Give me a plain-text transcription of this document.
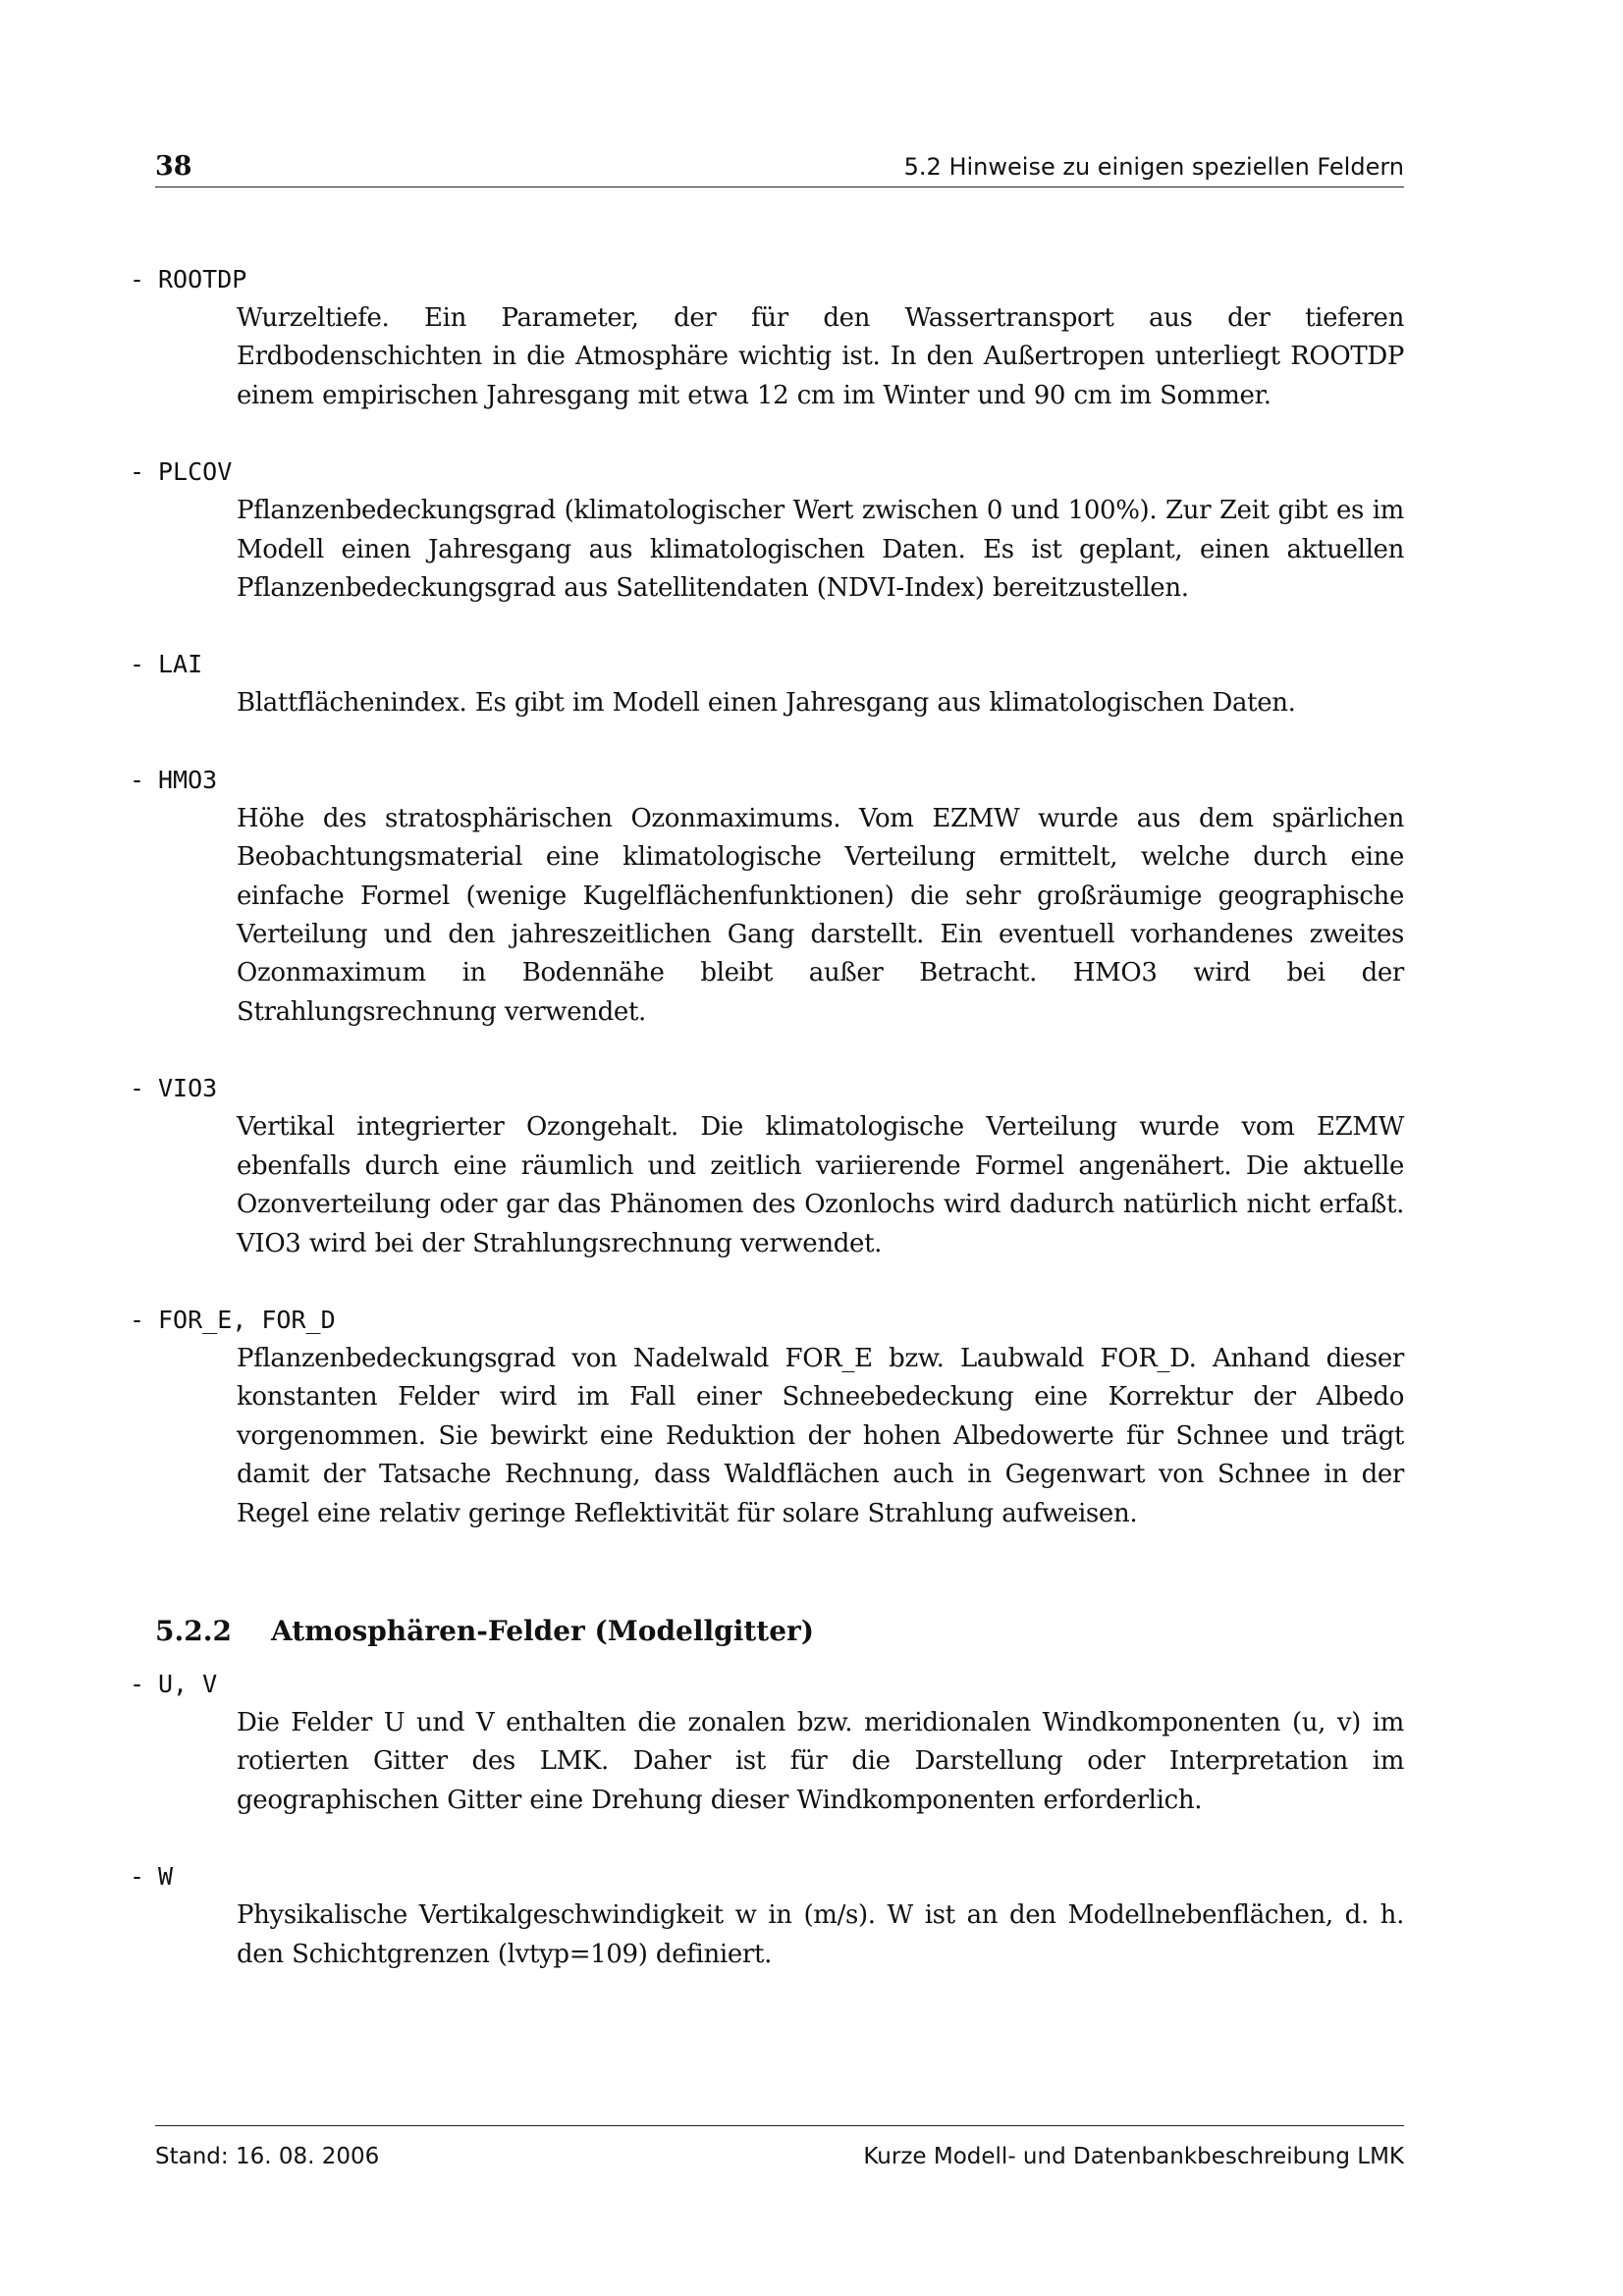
38	5.2 Hinweise zu einigen speziellen Feldern
- ROOTDP

Wurzeltiefe. Ein Parameter, der für den Wassertransport aus der tieferen Erdbodenschichten in die Atmosphäre wichtig ist. In den Außertropen unterliegt ROOTDP einem empirischen Jahresgang mit etwa 12 cm im Winter und 90 cm im Sommer.

- PLCOV

Pflanzenbedeckungsgrad (klimatologischer Wert zwischen 0 und 100%). Zur Zeit gibt es im Modell einen Jahresgang aus klimatologischen Daten. Es ist geplant, einen aktuellen Pflanzenbedeckungsgrad aus Satellitendaten (NDVI-Index) bereitzustellen.

- LAI

Blattflächenindex. Es gibt im Modell einen Jahresgang aus klimatologischen Daten.

- HMO3

Höhe des stratosphärischen Ozonmaximums. Vom EZMW wurde aus dem spärlichen Beobachtungsmaterial eine klimatologische Verteilung ermittelt, welche durch eine einfache Formel (wenige Kugelflächenfunktionen) die sehr großräumige geographische Verteilung und den jahreszeitlichen Gang darstellt. Ein eventuell vorhandenes zweites Ozonmaximum in Bodennähe bleibt außer Betracht. HMO3 wird bei der Strahlungsrechnung verwendet.

- VIO3

Vertikal integrierter Ozongehalt. Die klimatologische Verteilung wurde vom EZMW ebenfalls durch eine räumlich und zeitlich variierende Formel angenähert. Die aktuelle Ozonverteilung oder gar das Phänomen des Ozonlochs wird dadurch natürlich nicht erfaßt. VIO3 wird bei der Strahlungsrechnung verwendet.

- FOR_E, FOR_D

Pflanzenbedeckungsgrad von Nadelwald FOR_E bzw. Laubwald FOR_D. Anhand dieser konstanten Felder wird im Fall einer Schneebedeckung eine Korrektur der Albedo vorgenommen. Sie bewirkt eine Reduktion der hohen Albedowerte für Schnee und trägt damit der Tatsache Rechnung, dass Waldflächen auch in Gegenwart von Schnee in der Regel eine relativ geringe Reflektivität für solare Strahlung aufweisen.

5.2.2 Atmosphären-Felder (Modellgitter)
- U, V

Die Felder U und V enthalten die zonalen bzw. meridionalen Windkomponenten (u, v) im rotierten Gitter des LMK. Daher ist für die Darstellung oder Interpretation im geographischen Gitter eine Drehung dieser Windkomponenten erforderlich.

- W

Physikalische Vertikalgeschwindigkeit w in (m/s). W ist an den Modellnebenflächen, d. h. den Schichtgrenzen (lvtyp=109) definiert.

Stand: 16. 08. 2006	Kurze Modell- und Datenbankbeschreibung LMK
